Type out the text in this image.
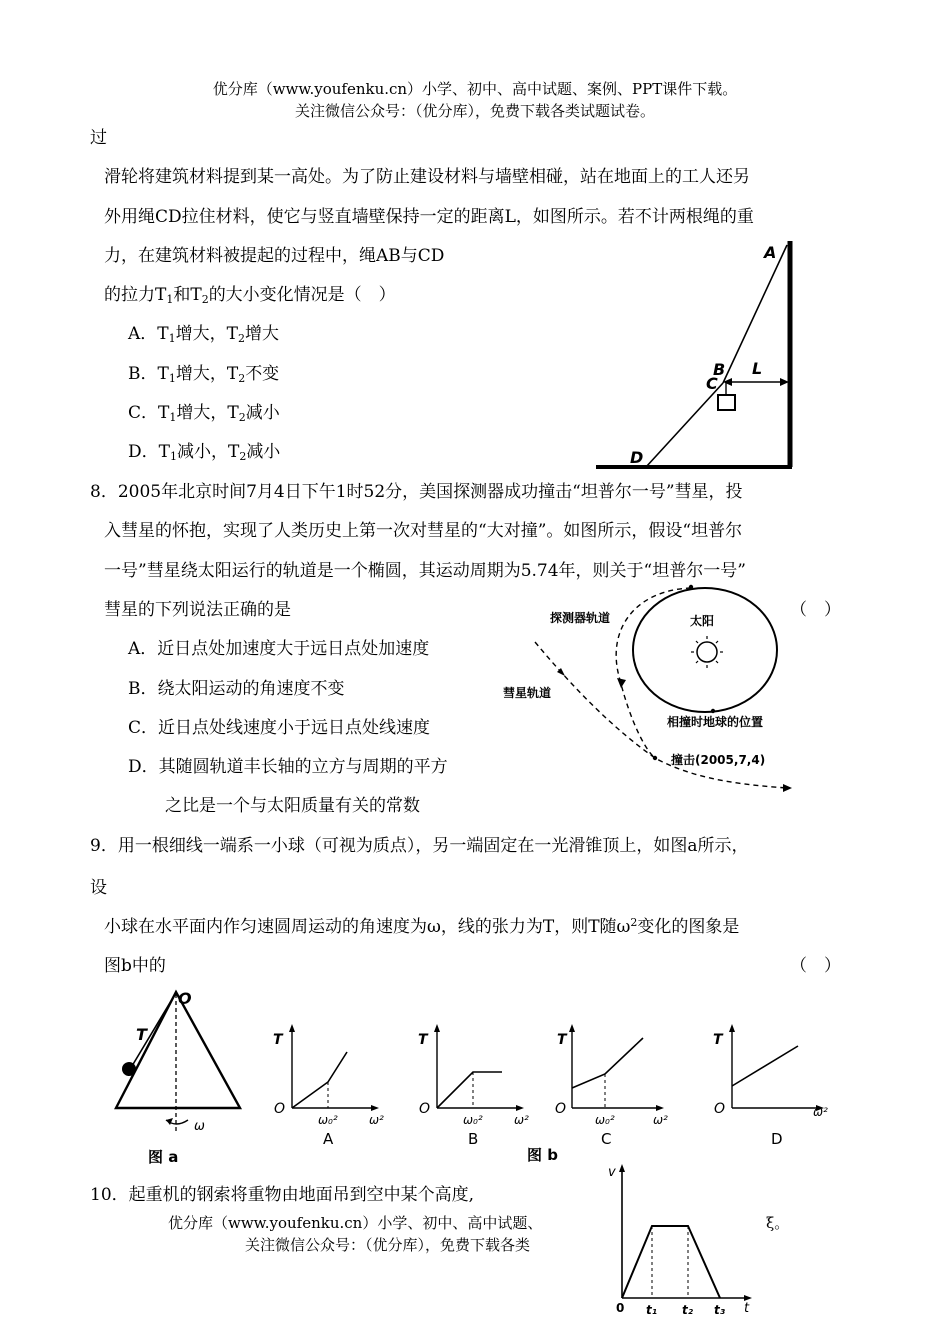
优分库（www.youfenku.cn）小学、初中、高中试题、案例、PPT课件下载。
关注微信公众号：（优分库），免费下载各类试题试卷。
过
滑轮将建筑材料提到某一高处。为了防止建设材料与墙壁相碰，站在地面上的工人还另
外用绳CD拉住材料，使它与竖直墙壁保持一定的距离L，如图所示。若不计两根绳的重
力，在建筑材料被提起的过程中，绳AB与CD
的拉力$T_1$和$T_2$的大小变化情况是（　）
A．$T_1$增大，$T_2$增大
B．$T_1$增大，$T_2$不变
C．$T_1$增大，$T_2$减小
D．$T_1$减小，$T_2$减小
A
B
C
D
L
8．2005年北京时间7月4日下午1时52分，美国探测器成功撞击“坦普尔一号”彗星，投
入彗星的怀抱，实现了人类历史上第一次对彗星的“大对撞”。如图所示，假设“坦普尔
一号”彗星绕太阳运行的轨道是一个椭圆，其运动周期为5.74年，则关于“坦普尔一号”
彗星的下列说法正确的是	（　）
A．近日点处加速度大于远日点处加速度
B．绕太阳运动的角速度不变
C．近日点处线速度小于远日点处线速度
D．其随圆轨道丰长轴的立方与周期的平方
之比是一个与太阳质量有关的常数
太阳
探测器轨道
彗星轨道
相撞时地球的位置
撞击(2005,7,4)
9．用一根细线一端系一小球（可视为质点），另一端固定在一光滑锥顶上，如图a所示，
设
小球在水平面内作匀速圆周运动的角速度为ω，线的张力为T，则T随$\omega^2$变化的图象是
图b中的	（　）
O
T
ω
图 a
T
O
ω₀²	ω²
A
T
O
ω₀²	ω²
B
T
O
ω₀²	ω²
C
T
O	ω²
D
图 b
10．起重机的钢索将重物由地面吊到空中某个高度,
优分库（www.youfenku.cn）小学、初中、高中试题、	ξ。
关注微信公众号：（优分库），免费下载各类
v
0 t₁ t₂ t₃ t
